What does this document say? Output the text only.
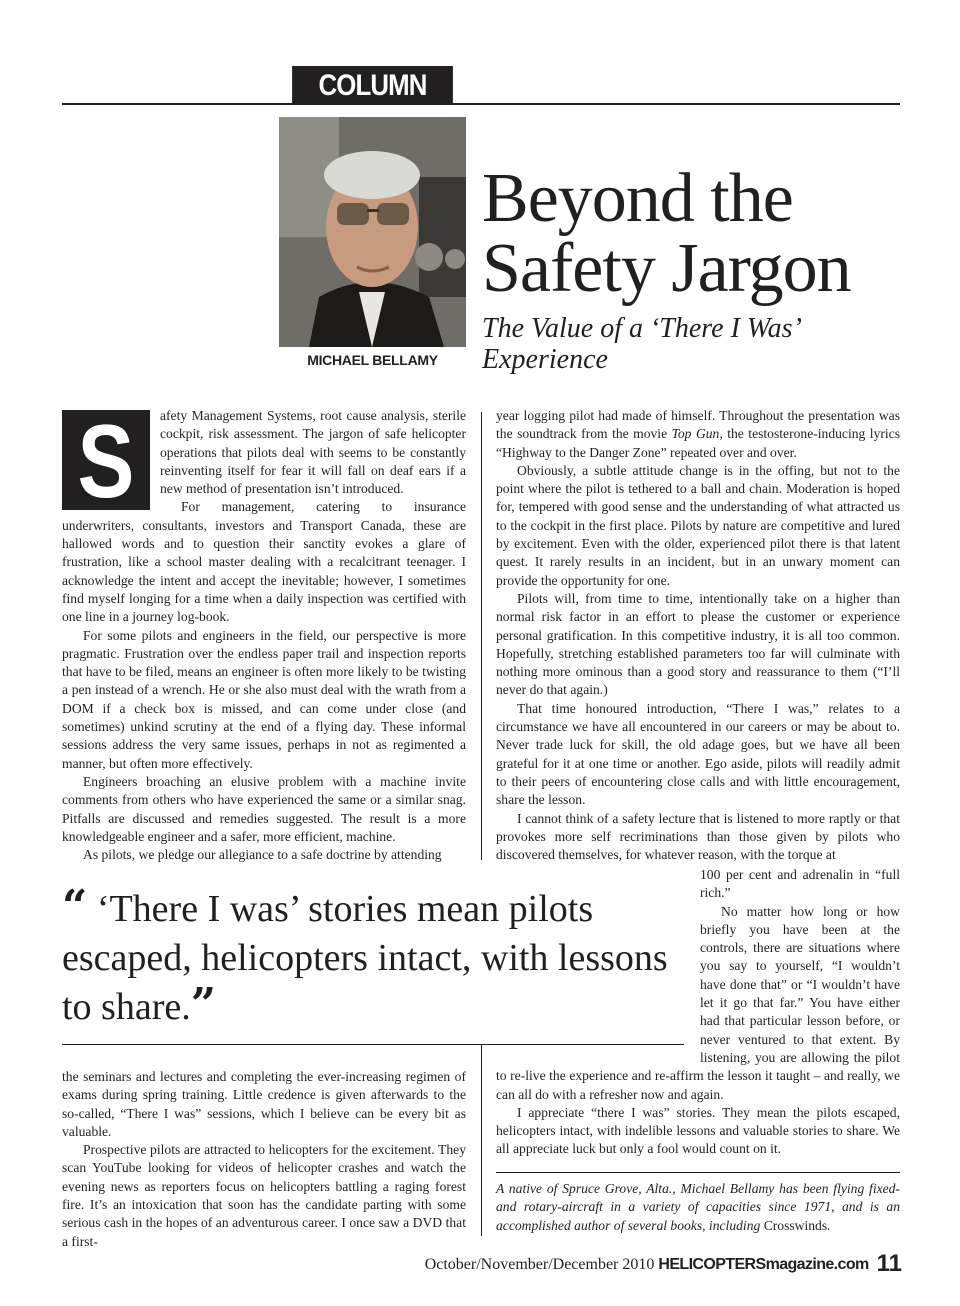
COLUMN
MICHAEL BELLAMY
Beyond the Safety Jargon
The Value of a ‘There I Was’ Experience
S	afety Management Systems, root cause analysis, sterile cockpit, risk assessment. The jargon of safe helicopter operations that pilots deal with seems to be constantly reinventing itself for fear it will fall on deaf ears if a new method of presentation isn’t introduced.

For management, catering to insurance underwriters, consultants, investors and Transport Canada, these are hallowed words and to question their sanctity evokes a glare of frustration, like a school master dealing with a recalcitrant teenager. I acknowledge the intent and accept the inevitable; however, I sometimes find myself longing for a time when a daily inspection was certified with one line in a journey log-book.

For some pilots and engineers in the field, our perspective is more pragmatic. Frustration over the endless paper trail and inspection reports that have to be filed, means an engineer is often more likely to be twisting a pen instead of a wrench. He or she also must deal with the wrath from a DOM if a check box is missed, and can come under close (and sometimes) unkind scrutiny at the end of a flying day. These informal sessions address the very same issues, perhaps in not as regimented a manner, but often more effectively.

Engineers broaching an elusive problem with a machine invite comments from others who have experienced the same or a similar snag. Pitfalls are discussed and remedies suggested. The result is a more knowledgeable engineer and a safer, more efficient, machine.

As pilots, we pledge our allegiance to a safe doctrine by attending

year logging pilot had made of himself. Throughout the presentation was the soundtrack from the movie Top Gun, the testosterone-inducing lyrics “Highway to the Danger Zone” repeated over and over.

Obviously, a subtle attitude change is in the offing, but not to the point where the pilot is tethered to a ball and chain. Moderation is hoped for, tempered with good sense and the understanding of what attracted us to the cockpit in the first place. Pilots by nature are competitive and lured by excitement. Even with the older, experienced pilot there is that latent quest. It rarely results in an incident, but in an unwary moment can provide the opportunity for one.

Pilots will, from time to time, intentionally take on a higher than normal risk factor in an effort to please the customer or experience personal gratification. In this competitive industry, it is all too common. Hopefully, stretching established parameters too far will culminate with nothing more ominous than a good story and reassurance to them (“I’ll never do that again.)

That time honoured introduction, “There I was,” relates to a circumstance we have all encountered in our careers or may be about to. Never trade luck for skill, the old adage goes, but we have all been grateful for it at one time or another. Ego aside, pilots will readily admit to their peers of encountering close calls and with little encouragement, share the lesson.

I cannot think of a safety lecture that is listened to more raptly or that provokes more self recriminations than those given by pilots who discovered themselves, for whatever reason, with the torque at

“ ‘There I was’ stories mean pilots escaped, helicopters intact, with lessons to share.”

the seminars and lectures and completing the ever-increasing regimen of exams during spring training. Little credence is given afterwards to the so-called, “There I was” sessions, which I believe can be every bit as valuable.

Prospective pilots are attracted to helicopters for the excitement. They scan YouTube looking for videos of helicopter crashes and watch the evening news as reporters focus on helicopters battling a raging forest fire. It’s an intoxication that soon has the candidate parting with some serious cash in the hopes of an adventurous career. I once saw a DVD that a first-

100 per cent and adrenalin in “full rich.”

No matter how long or how briefly you have been at the controls, there are situations where you say to yourself, “I wouldn’t have done that” or “I wouldn’t have let it go that far.” You have either had that particular lesson before, or never ventured to that extent. By listening, you are allowing the pilot to re-live the experience and re-affirm the lesson it taught – and really, we can all do with a refresher now and again.

I appreciate “there I was” stories. They mean the pilots escaped, helicopters intact, with indelible lessons and valuable stories to share. We all appreciate luck but only a fool would count on it.

A native of Spruce Grove, Alta., Michael Bellamy has been flying fixed- and rotary-aircraft in a variety of capacities since 1971, and is an accomplished author of several books, including Crosswinds.

October/November/December 2010 HELICOPTERSmagazine.com 11
